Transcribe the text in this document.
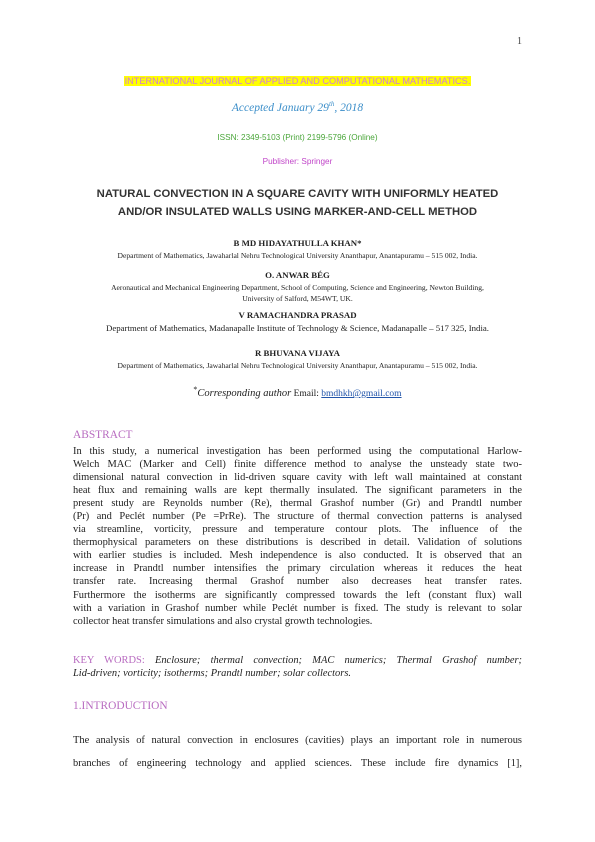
1
INTERNATIONAL JOURNAL OF APPLIED AND COMPUTATIONAL MATHEMATICS.
Accepted January 29th, 2018
ISSN: 2349-5103 (Print) 2199-5796 (Online)
Publisher: Springer
NATURAL CONVECTION IN A SQUARE CAVITY WITH UNIFORMLY HEATED
AND/OR INSULATED WALLS USING MARKER-AND-CELL METHOD
B MD HIDAYATHULLA KHAN*
Department of Mathematics, Jawaharlal Nehru Technological University Ananthapur, Anantapuramu – 515 002, India.
O. ANWAR BÉG
Aeronautical and Mechanical Engineering Department, School of Computing, Science and Engineering, Newton Building,
University of Salford, M54WT, UK.
V RAMACHANDRA PRASAD
Department of Mathematics, Madanapalle Institute of Technology & Science, Madanapalle – 517 325, India.
R BHUVANA VIJAYA
Department of Mathematics, Jawaharlal Nehru Technological University Ananthapur, Anantapuramu – 515 002, India.
*Corresponding author Email: bmdhkh@gmail.com
ABSTRACT
In this study, a numerical investigation has been performed using the computational Harlow-
Welch MAC (Marker and Cell) finite difference method to analyse the unsteady state two-
dimensional natural convection in lid-driven square cavity with left wall maintained at constant
heat flux and remaining walls are kept thermally insulated. The significant parameters in the
present study are Reynolds number (Re), thermal Grashof number (Gr) and Prandtl number
(Pr) and Peclét number (Pe =PrRe). The structure of thermal convection patterns is analysed
via streamline, vorticity, pressure and temperature contour plots. The influence of the
thermophysical parameters on these distributions is described in detail. Validation of solutions
with earlier studies is included. Mesh independence is also conducted. It is observed that an
increase in Prandtl number intensifies the primary circulation whereas it reduces the heat
transfer rate. Increasing thermal Grashof number also decreases heat transfer rates.
Furthermore the isotherms are significantly compressed towards the left (constant flux) wall
with a variation in Grashof number while Peclét number is fixed. The study is relevant to solar
collector heat transfer simulations and also crystal growth technologies.
KEY WORDS: Enclosure; thermal convection; MAC numerics; Thermal Grashof number;
Lid-driven; vorticity; isotherms; Prandtl number; solar collectors.
1.INTRODUCTION
The analysis of natural convection in enclosures (cavities) plays an important role in numerous
branches of engineering technology and applied sciences. These include fire dynamics [1],
